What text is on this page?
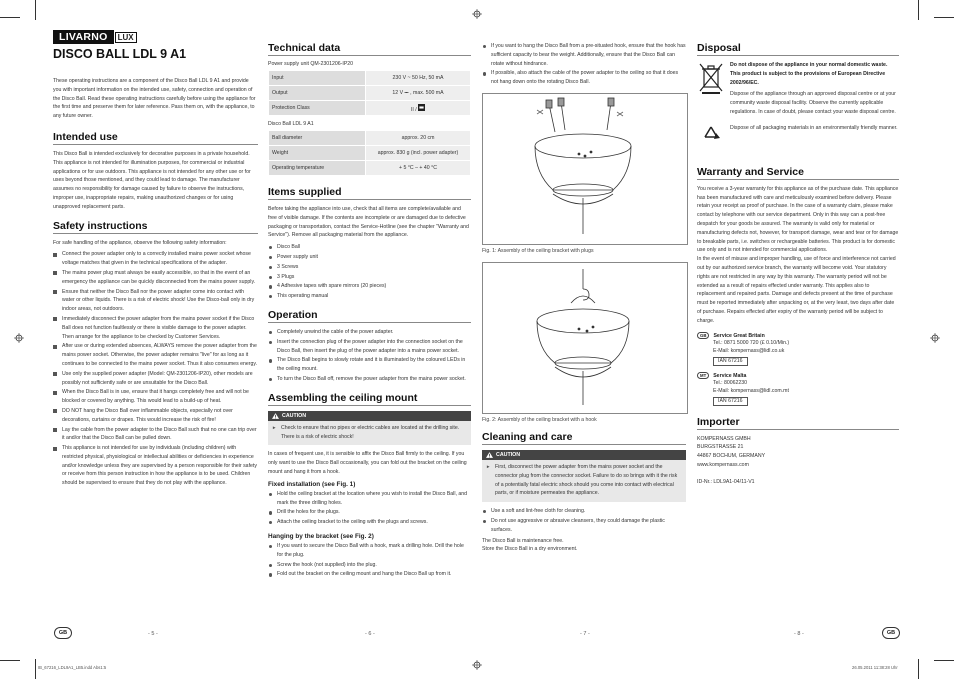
LIVARNO	LUX
DISCO BALL LDL 9 A1

These operating instructions are a component of the Disco Ball LDL 9 A1 and provide you with important information on the intended use, safety, connection and operation of the Disco Ball. Read these operating instructions carefully before using the appliance for the first time and preserve them for later reference. Pass them on, with the appliance, to any future owner.

Intended use

This Disco Ball is intended exclusively for decorative purposes in a private household. This appliance is not intended for illumination purposes, for commercial or industrial applications or for use outdoors. This appliance is not intended for any other use or for uses beyond those mentioned, and they could lead to damage. The manufacturer assumes no responsibility for damage caused by failure to observe the instructions, improper use, inappropriate repairs, making unauthorized changes or for using unapproved replacement parts.

Safety instructions

For safe handling of the appliance, observe the following safety information:

Connect the power adapter only to a correctly installed mains power socket whose voltage matches that given in the technical specifications of the adapter.
The mains power plug must always be easily accessible, so that in the event of an emergency the appliance can be quickly disconnected from the mains power supply.
Ensure that neither the Disco Ball nor the power adapter come into contact with water or other liquids. There is a risk of electric shock! Use the Disco-ball only in dry indoor areas, not outdoors.
Immediately disconnect the power adapter from the mains power socket if the Disco Ball does not function faultlessly or there is visible damage to the power adapter. Then arrange for the appliance to be checked by Customer Services.
After use or during extended absences, ALWAYS remove the power adapter from the mains power socket. Otherwise, the power adapter remains "live" for as long as it continues to be connected to the mains power socket. Thus it also consumes energy.
Use only the supplied power adapter (Model: QM-2301206-IP20), other models are possibly not sufficiently safe or are unsuitable for the Disco Ball.
When the Disco Ball is in use, ensure that it hangs completely free and will not be blocked or covered by anything. This would lead to a build-up of heat.
DO NOT hang the Disco Ball over inflammable objects, especially not over decorations, curtains or drapes. This would increase the risk of fire!
Lay the cable from the power adapter to the Disco Ball such that no one can trip over it and/or that the Disco Ball can be pulled down.
This appliance is not intended for use by individuals (including children) with restricted physical, physiological or intellectual abilities or deficiencies in experience and/or knowledge unless they are supervised by a person responsible for their safety or receive from this person instruction in how the appliance is to be used. Children should be supervised to ensure that they do not play with the appliance.
Technical data
Power supply unit QM-2301206-IP20
Input	230 V ~ 50 Hz, 50 mA
Output	12 V ⎓ , max. 500 mA
Protection Class	II /
Disco Ball LDL 9 A1
Ball diameter	approx. 20 cm
Weight	approx. 830 g (incl. power adapter)
Operating temperature	+ 5 °C – + 40 °C
Items supplied

Before taking the appliance into use, check that all items are complete/available and free of visible damage. If the contents are incomplete or are damaged due to defective packaging or transportation, contact the Service-Hotline (see the chapter "Warranty and Service"). Remove all packaging material from the appliance.

Disco Ball
Power supply unit
3 Screws
3 Plugs
4 Adhesive tapes with spare mirrors (20 pieces)
This operating manual
Operation
Completely unwind the cable of the power adapter.
Insert the connection plug of the power adapter into the connection socket on the Disco Ball, then insert the plug of the power adapter into a mains power socket.
The Disco Ball begins to slowly rotate and it is illuminated by the coloured LEDs in the ceiling mount.
To turn the Disco Ball off, remove the power adapter from the mains power socket.
Assembling the ceiling mount
CAUTION
► Check to ensure that no pipes or electric cables are located at the drilling site. There is a risk of electric shock!

In cases of frequent use, it is sensible to affix the Disco Ball firmly to the ceiling. If you only want to use the Disco Ball occasionally, you can fold out the bracket on the ceiling mount and hang it from a hook.

Fixed installation (see Fig. 1)
Hold the ceiling bracket at the location where you wish to install the Disco Ball, and mark the three drilling holes.
Drill the holes for the plugs.
Attach the ceiling bracket to the ceiling with the plugs and screws.
Hanging by the bracket (see Fig. 2)
If you want to secure the Disco Ball with a hook, mark a drilling hole. Drill the hole for the plug.
Screw the hook (not supplied) into the plug.
Fold out the bracket on the ceiling mount and hang the Disco Ball up from it.
If you want to hang the Disco Ball from a pre-situated hook, ensure that the hook has sufficient capacity to bear the weight. Additionally, ensure that the Disco Ball can rotate without hindrance.
If possible, also attach the cable of the power adapter to the ceiling so that it does not hang down onto the rotating Disco Ball.
Fig. 1: Assembly of the ceiling bracket with plugs
Fig. 2: Assembly of the ceiling bracket with a hook
Cleaning and care
CAUTION
► First, disconnect the power adapter from the mains power socket and the connector plug from the connector socket. Failure to do so brings with it the risk of a potentially fatal electric shock should you come into contact with electrical parts, or if moisture permeates the appliance.
Use a soft and lint-free cloth for cleaning.
Do not use aggressive or abrasive cleansers, they could damage the plastic surfaces.
The Disco Ball is maintenance free.
Store the Disco Ball in a dry environment.
Disposal
Do not dispose of the appliance in your normal domestic waste. This product is subject to the provisions of European Directive 2002/96/EC.
Dispose of the appliance through an approved disposal centre or at your community waste disposal facility. Observe the currently applicable regulations. In case of doubt, please contact your waste disposal centre.
Dispose of all packaging materials in an environmentally friendly manner.
Warranty and Service

You receive a 3-year warranty for this appliance as of the purchase date. This appliance has been manufactured with care and meticulously examined before delivery. Please retain your receipt as proof of purchase. In the case of a warranty claim, please make contact by telephone with our service department. Only in this way can a post-free despatch for your goods be assured. The warranty is valid only for material or manufacturing defects not, however, for transport damage, wear and tear or for damage to breakable parts, i.e. switches or rechargeable batteries. This product is for domestic use only and is not intended for commercial applications.

In the event of misuse and improper handling, use of force and interference not carried out by our authorized service branch, the warranty will become void. Your statutory rights are not restricted in any way by this warranty. The warranty period will not be extended as a result of repairs effected under warranty. This applies also to replacement and repaired parts. Damage and defects present at the time of purchase must be reported immediately after unpacking or, at the very least, two days after date of purchase. Repairs effected after expiry of the warranty period will be subject to charge.

GB Service Great Britain
Tel.: 0871 5000 720 (£ 0.10/Min.)
E-Mail: kompernass@lidl.co.uk
IAN 67216
MT Service Malta
Tel.: 80062230
E-Mail: kompernass@lidl.com.mt
IAN 67216
Importer
KOMPERNASS GMBH
BURGSTRASSE 21
44867 BOCHUM, GERMANY
www.kompernass.com
ID-Nr.: LDL9A1-04/11-V1
GB	- 5 -	- 6 -	- 7 -	- 8 -	GB
IB_67216_LDL9A1_LB5.indd Abs1:5	26.05.2011 11:38:28 Uhr
